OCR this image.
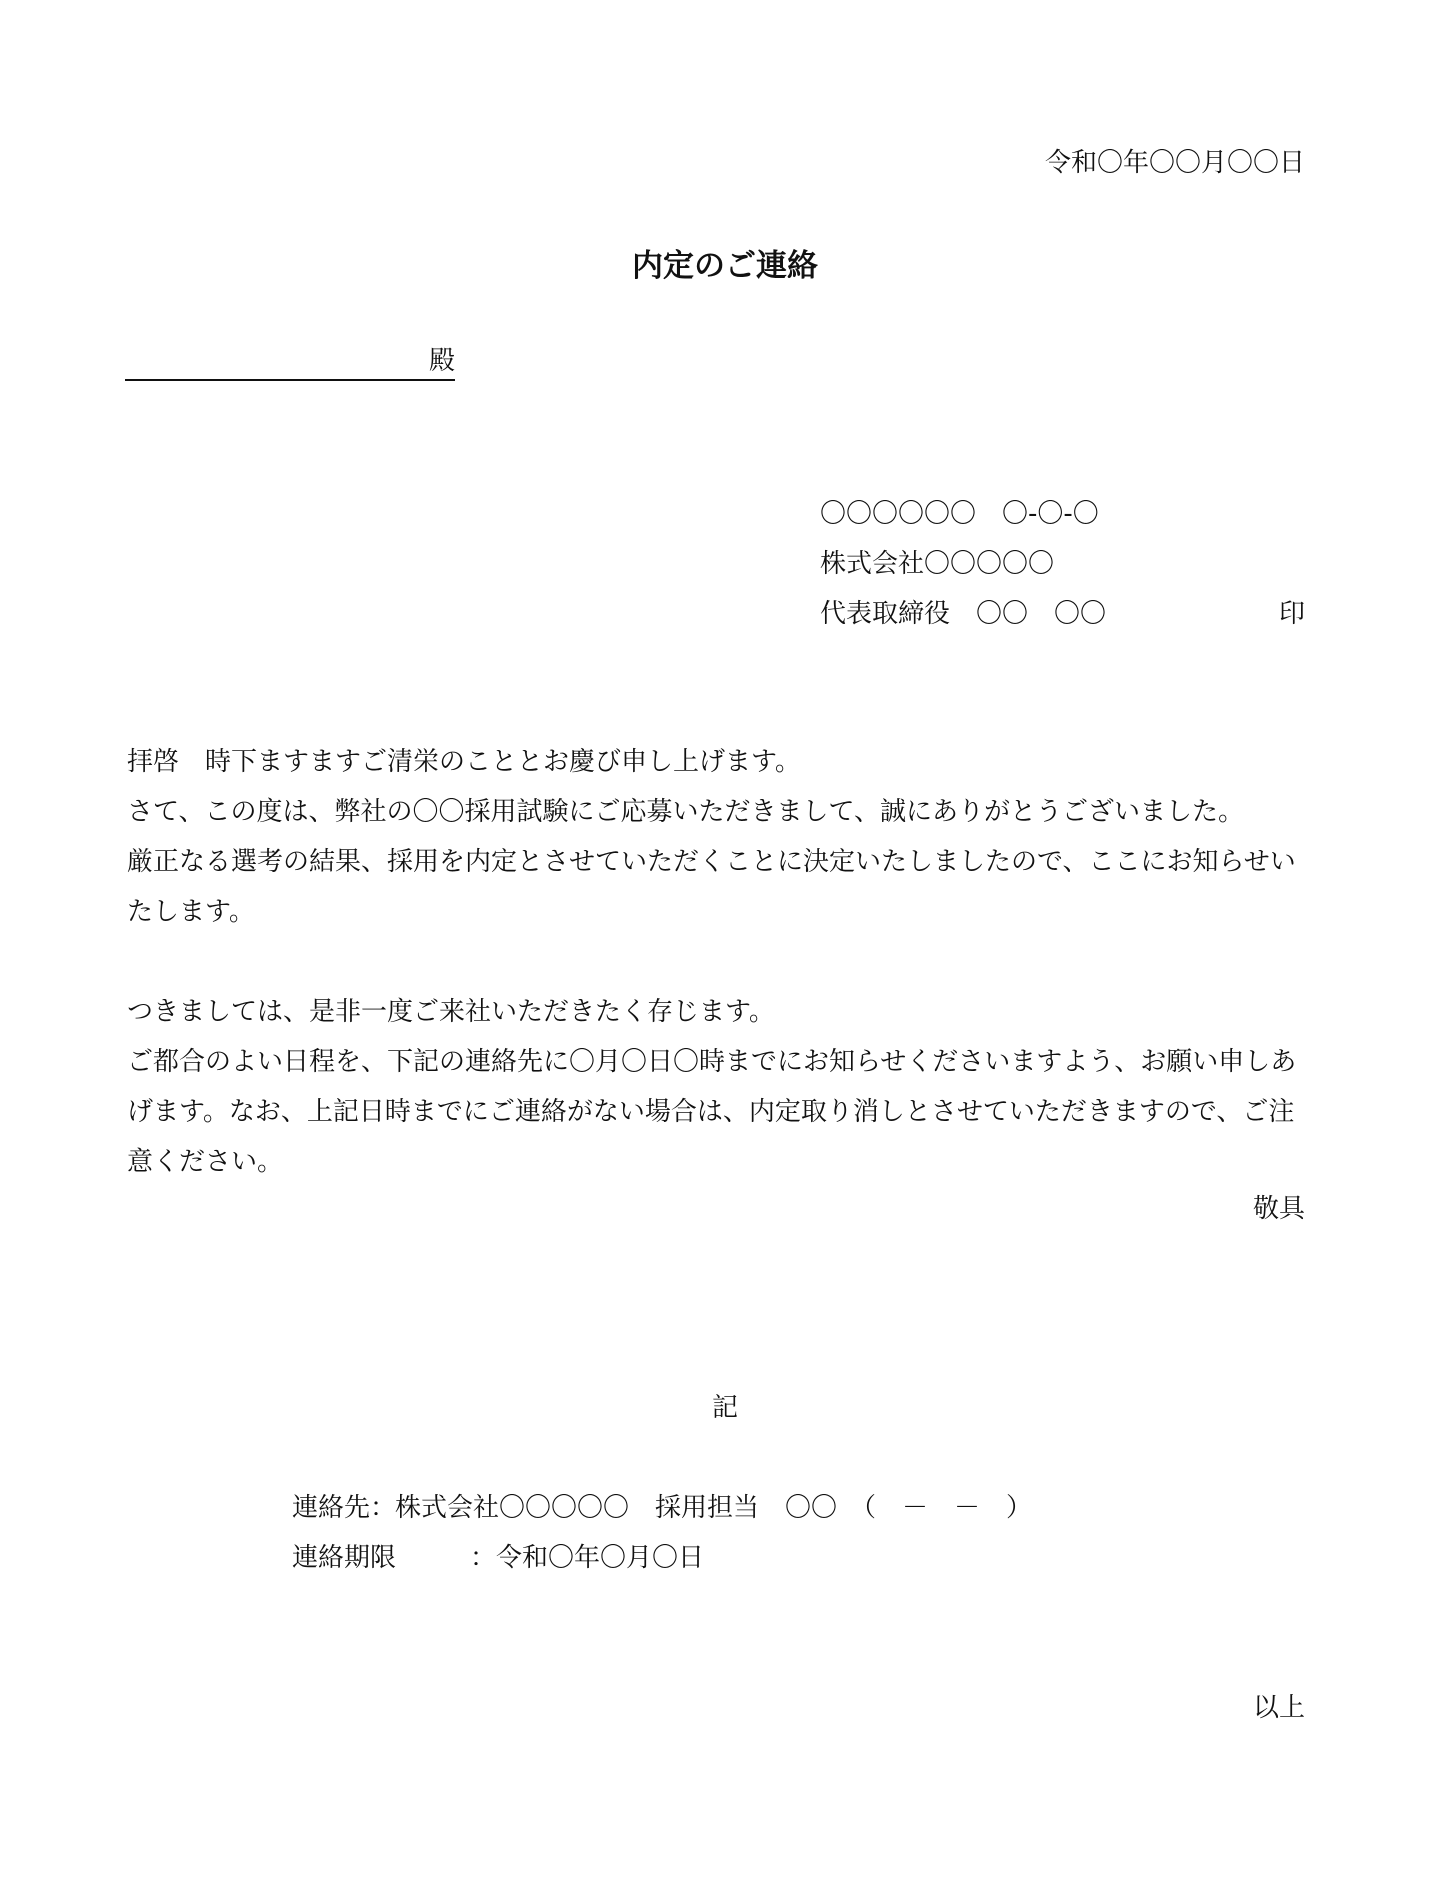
令和〇年〇〇月〇〇日
内定のご連絡
殿
〇〇〇〇〇〇　〇‐〇‐〇
株式会社〇〇〇〇〇
代表取締役　〇〇　〇〇	印
拝啓　時下ますますご清栄のこととお慶び申し上げます。
さて、この度は、弊社の〇〇採用試験にご応募いただきまして、誠にありがとうございました。
厳正なる選考の結果、採用を内定とさせていただくことに決定いたしましたので、ここにお知らせいたします。
つきましては、是非一度ご来社いただきたく存じます。
ご都合のよい日程を、下記の連絡先に〇月〇日〇時までにお知らせくださいますよう、お願い申しあげます。なお、上記日時までにご連絡がない場合は、内定取り消しとさせていただきますので、ご注意ください。
敬具
記
連絡先：
株式会社〇〇〇〇〇　採用担当　〇〇　（　－　－　）
連絡期限	：令和〇年〇月〇日
以上
